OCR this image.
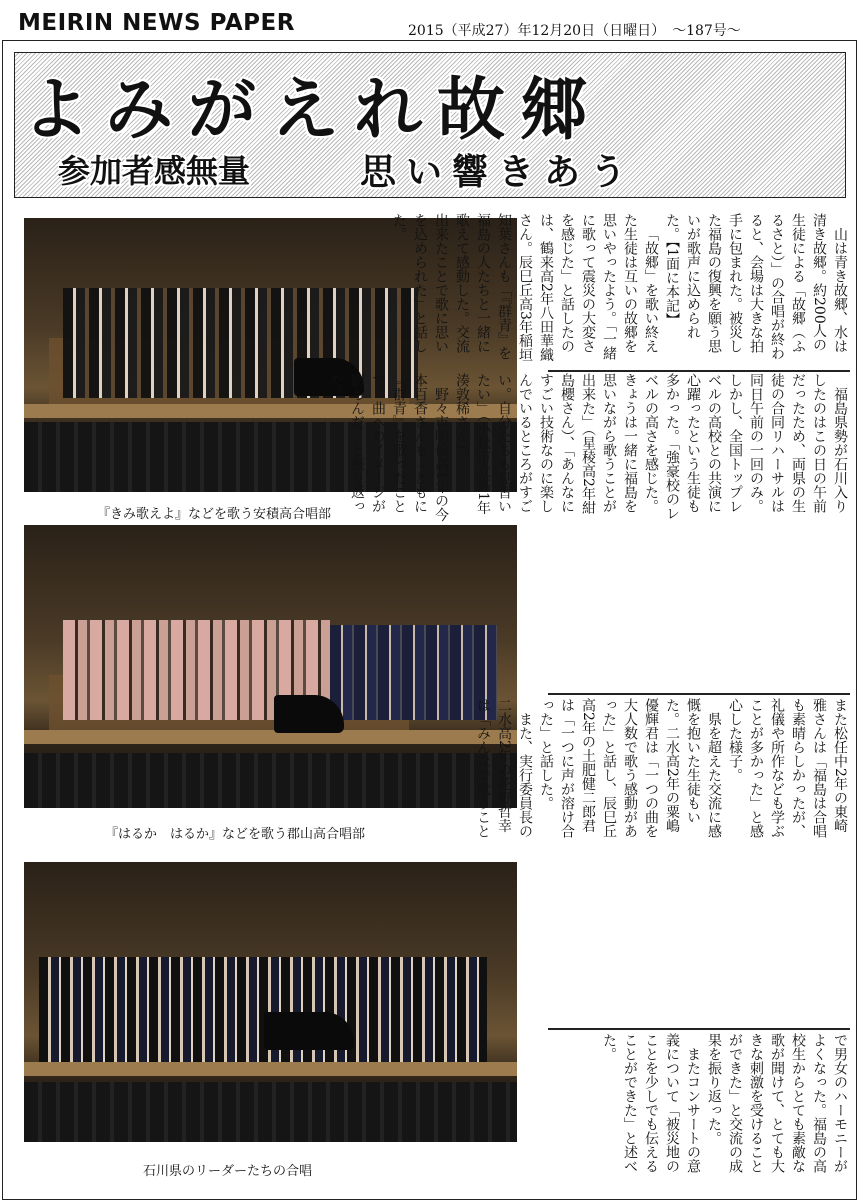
MEIRIN NEWS PAPER	2015（平成27）年12月20日（日曜日）　～187号～
よみがえれ故郷
参加者感無量	思い響きあう
『きみ歌えよ』などを歌う安積高合唱部
『はるか　はるか』などを歌う郡山高合唱部
石川県のリーダーたちの合唱

山は青き故郷、水は清き故郷。約200人の生徒による「故郷（ふるさと）」の合唱が終わると、会場は大きな拍手に包まれた。被災した福島の復興を願う思いが歌声に込められた。【1面に本記】

「故郷」を歌い終えた生徒は互いの故郷を思いやったよう。「一緒に歌って震災の大変さを感じた」と話したのは、鶴来高2年八田華織さん。辰巳丘高3年稲垣知葉さんも「『群青』を福島の人たちと一緒に歌えて感動した。交流出来たことで歌に思いを込められた」と話した。

福島県勢が石川入りしたのはこの日の午前だったため、両県の生徒の合同リハーサルは同日午前の一回のみ。しかし、全国トップレベルの高校との共演に心躍ったという生徒も多かった。「強豪校のレベルの高さを感じた。きょうは一緒に福島を思いながら歌うことが出来た」（星稜高2年紺島櫻さん）、「あんなにすごい技術なのに楽しんでいるところがすごい。自分たちも見習いたい」（小松市立高1年湊敦稀さん）。

野々市明倫高1年の今本百香さんも「ともに『群青』を歌ったことで、曲へのイメージが膨らんだ」と振り返った。

また松任中2年の東崎雅さんは「福島は合唱も素晴らしかったが、礼儀や所作なども学ぶことが多かった」と感心した様子。

県を超えた交流に感慨を抱いた生徒もいた。二水高2年の粟嶋優輝君は「一つの曲を大人数で歌う感動があった」と話し、辰巳丘高2年の土肥健二郎君は「一つに声が溶け合った」と話した。

また、実行委員長の二水高2年の花野哲幸は「みんなで歌うこと

で男女のハーモニーがよくなった。福島の高校生からとても素敵な歌が聞けて、とても大きな刺激を受けることができた」と交流の成果を振り返った。

またコンサートの意義について「被災地のことを少しでも伝えることができた」と述べた。
